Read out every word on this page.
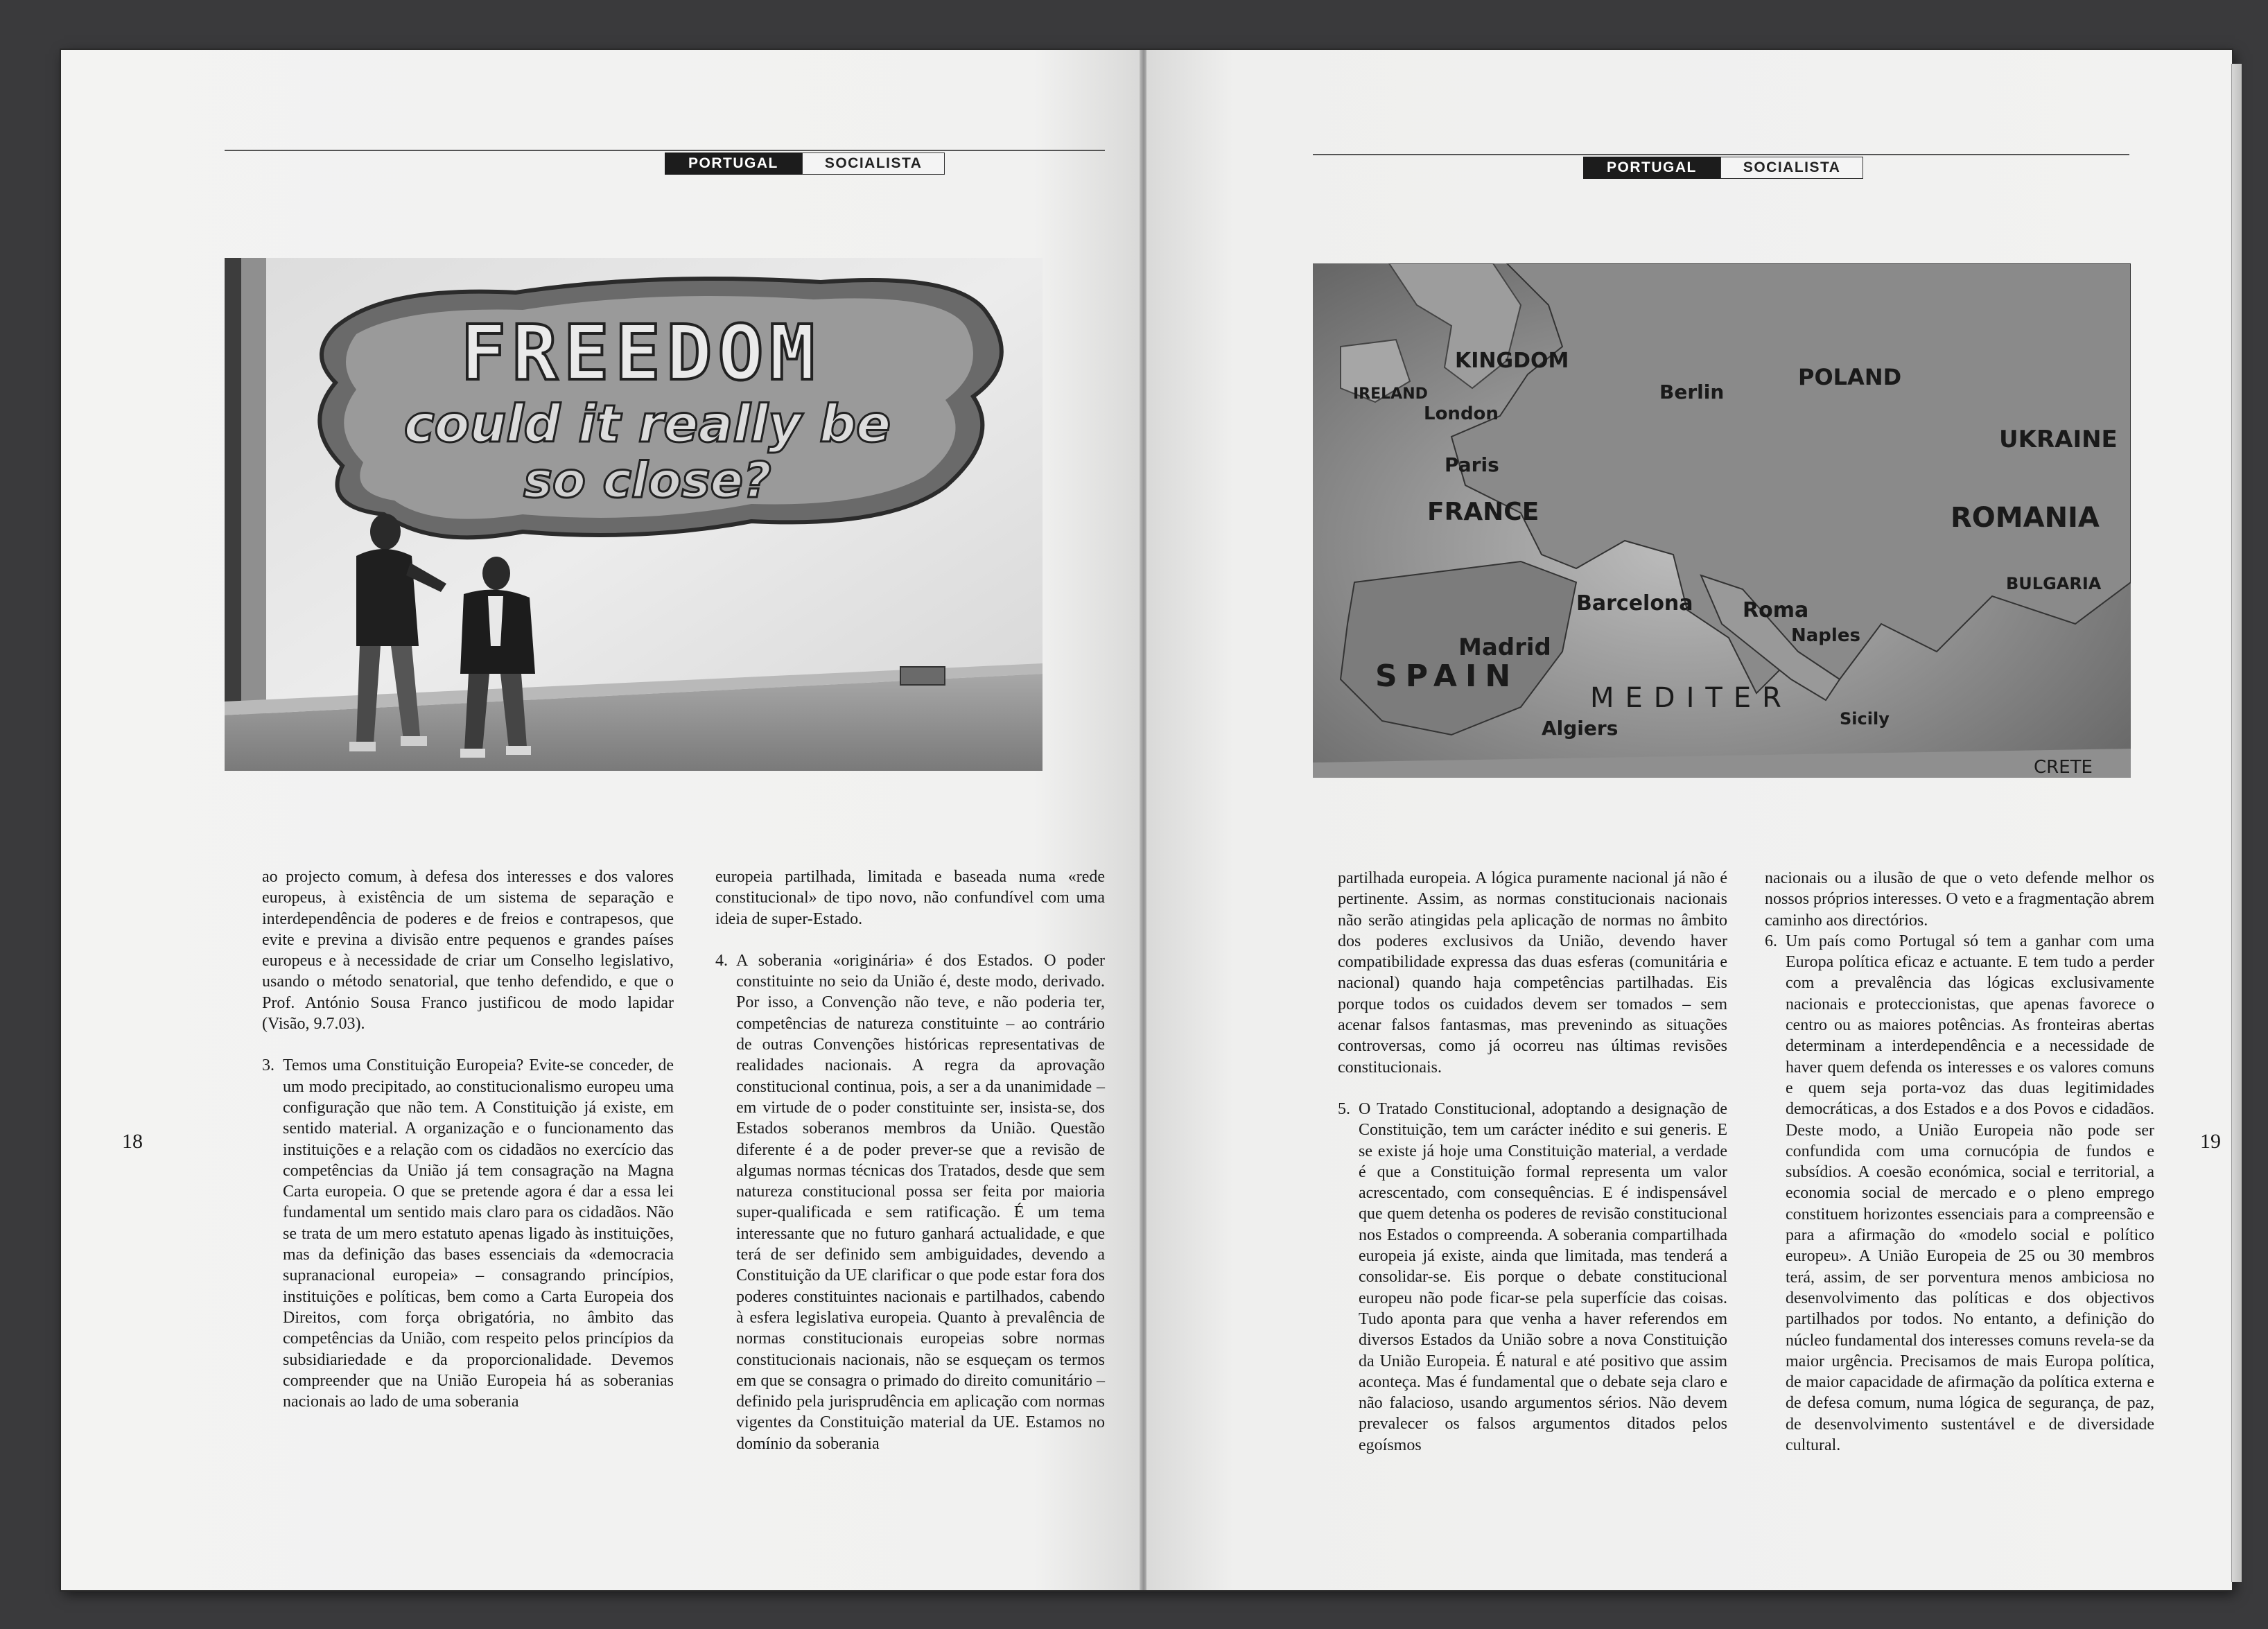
PORTUGAL	SOCIALISTA
FREEDOM
could it really be
so close?

ao projecto comum, à defesa dos interesses e dos valores europeus, à existência de um sistema de separação e interdependência de poderes e de freios e contrapesos, que evite e previna a divisão entre pequenos e grandes países europeus e à necessidade de criar um Conselho legislativo, usando o método senatorial, que tenho defendido, e que o Prof. António Sousa Franco justificou de modo lapidar (Visão, 9.7.03).

3. Temos uma Constituição Europeia? Evite-se conceder, de um modo precipitado, ao constitucionalismo europeu uma configuração que não tem. A Constituição já existe, em sentido material. A organização e o funcionamento das instituições e a relação com os cidadãos no exercício das competências da União já tem consagração na Magna Carta europeia. O que se pretende agora é dar a essa lei fundamental um sentido mais claro para os cidadãos. Não se trata de um mero estatuto apenas ligado às instituições, mas da definição das bases essenciais da «democracia supranacional europeia» – consagrando princípios, instituições e políticas, bem como a Carta Europeia dos Direitos, com força obrigatória, no âmbito das competências da União, com respeito pelos princípios da subsidiariedade e da proporcionalidade. Devemos compreender que na União Europeia há as soberanias nacionais ao lado de uma soberania

europeia partilhada, limitada e baseada numa «rede constitucional» de tipo novo, não confundível com uma ideia de super-Estado.

4. A soberania «originária» é dos Estados. O poder constituinte no seio da União é, deste modo, derivado. Por isso, a Convenção não teve, e não poderia ter, competências de natureza constituinte – ao contrário de outras Convenções históricas representativas de realidades nacionais. A regra da aprovação constitucional continua, pois, a ser a da unanimidade – em virtude de o poder constituinte ser, insista-se, dos Estados soberanos membros da União. Questão diferente é a de poder prever-se que a revisão de algumas normas técnicas dos Tratados, desde que sem natureza constitucional possa ser feita por maioria super-qualificada e sem ratificação. É um tema interessante que no futuro ganhará actualidade, e que terá de ser definido sem ambiguidades, devendo a Constituição da UE clarificar o que pode estar fora dos poderes constituintes nacionais e partilhados, cabendo à esfera legislativa europeia. Quanto à prevalência de normas constitucionais europeias sobre normas constitucionais nacionais, não se esqueçam os termos em que se consagra o primado do direito comunitário – definido pela jurisprudência em aplicação com normas vigentes da Constituição material da UE. Estamos no domínio da soberania
18
PORTUGAL	SOCIALISTA
KINGDOM
IRELAND
London
Paris
FRANCE
Berlin
POLAND
UKRAINE
ROMANIA
BULGARIA
Barcelona
Madrid
SPAIN
Roma
Naples
Sicily
Algiers
MEDITER
CRETE

partilhada europeia. A lógica puramente nacional já não é pertinente. Assim, as normas constitucionais nacionais não serão atingidas pela aplicação de normas no âmbito dos poderes exclusivos da União, devendo haver compatibilidade expressa das duas esferas (comunitária e nacional) quando haja competências partilhadas. Eis porque todos os cuidados devem ser tomados – sem acenar falsos fantasmas, mas prevenindo as situações controversas, como já ocorreu nas últimas revisões constitucionais.

5. O Tratado Constitucional, adoptando a designação de Constituição, tem um carácter inédito e sui generis. E se existe já hoje uma Constituição material, a verdade é que a Constituição formal representa um valor acrescentado, com consequências. E é indispensável que quem detenha os poderes de revisão constitucional nos Estados o compreenda. A soberania compartilhada europeia já existe, ainda que limitada, mas tenderá a consolidar-se. Eis porque o debate constitucional europeu não pode ficar-se pela superfície das coisas. Tudo aponta para que venha a haver referendos em diversos Estados da União sobre a nova Constituição da União Europeia. É natural e até positivo que assim aconteça. Mas é fundamental que o debate seja claro e não falacioso, usando argumentos sérios. Não devem prevalecer os falsos argumentos ditados pelos egoísmos

nacionais ou a ilusão de que o veto defende melhor os nossos próprios interesses. O veto e a fragmentação abrem caminho aos directórios.

6. Um país como Portugal só tem a ganhar com uma Europa política eficaz e actuante. E tem tudo a perder com a prevalência das lógicas exclusivamente nacionais e proteccionistas, que apenas favorece o centro ou as maiores potências. As fronteiras abertas determinam a interdependência e a necessidade de haver quem defenda os interesses e os valores comuns e quem seja porta-voz das duas legitimidades democráticas, a dos Estados e a dos Povos e cidadãos. Deste modo, a União Europeia não pode ser confundida com uma cornucópia de fundos e subsídios. A coesão económica, social e territorial, a economia social de mercado e o pleno emprego constituem horizontes essenciais para a compreensão e para a afirmação do «modelo social e político europeu». A União Europeia de 25 ou 30 membros terá, assim, de ser porventura menos ambiciosa no desenvolvimento das políticas e dos objectivos partilhados por todos. No entanto, a definição do núcleo fundamental dos interesses comuns revela-se da maior urgência. Precisamos de mais Europa política, de maior capacidade de afirmação da política externa e de defesa comum, numa lógica de segurança, de paz, de desenvolvimento sustentável e de diversidade cultural.
19
